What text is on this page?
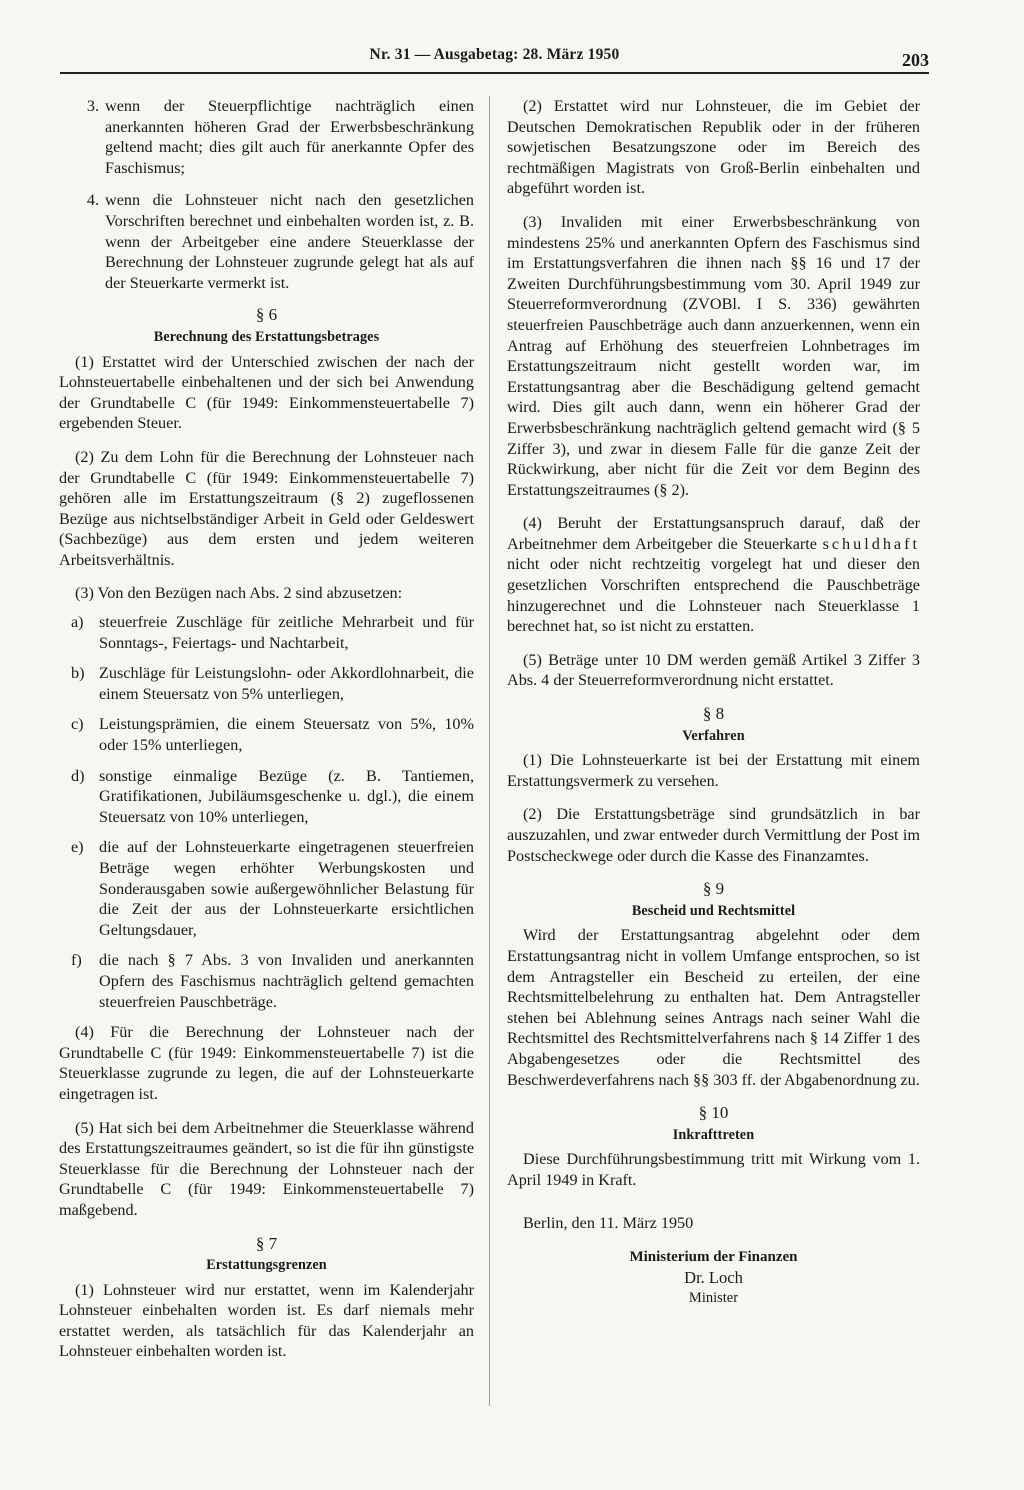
Nr. 31 — Ausgabetag: 28. März 1950	203
3. wenn der Steuerpflichtige nachträglich einen anerkannten höheren Grad der Erwerbsbeschränkung geltend macht; dies gilt auch für anerkannte Opfer des Faschismus;
4. wenn die Lohnsteuer nicht nach den gesetzlichen Vorschriften berechnet und einbehalten worden ist, z. B. wenn der Arbeitgeber eine andere Steuerklasse der Berechnung der Lohnsteuer zugrunde gelegt hat als auf der Steuerkarte vermerkt ist.
§ 6
Berechnung des Erstattungsbetrages

(1) Erstattet wird der Unterschied zwischen der nach der Lohnsteuertabelle einbehaltenen und der sich bei Anwendung der Grundtabelle C (für 1949: Einkommensteuertabelle 7) ergebenden Steuer.

(2) Zu dem Lohn für die Berechnung der Lohnsteuer nach der Grundtabelle C (für 1949: Einkommensteuertabelle 7) gehören alle im Erstattungszeitraum (§ 2) zugeflossenen Bezüge aus nichtselbständiger Arbeit in Geld oder Geldeswert (Sachbezüge) aus dem ersten und jedem weiteren Arbeitsverhältnis.

(3) Von den Bezügen nach Abs. 2 sind abzusetzen:

a) steuerfreie Zuschläge für zeitliche Mehrarbeit und für Sonntags-, Feiertags- und Nachtarbeit,
b) Zuschläge für Leistungslohn- oder Akkordlohnarbeit, die einem Steuersatz von 5% unterliegen,
c) Leistungsprämien, die einem Steuersatz von 5%, 10% oder 15% unterliegen,
d) sonstige einmalige Bezüge (z. B. Tantiemen, Gratifikationen, Jubiläumsgeschenke u. dgl.), die einem Steuersatz von 10% unterliegen,
e) die auf der Lohnsteuerkarte eingetragenen steuerfreien Beträge wegen erhöhter Werbungskosten und Sonderausgaben sowie außergewöhnlicher Belastung für die Zeit der aus der Lohnsteuerkarte ersichtlichen Geltungsdauer,
f)	die nach § 7 Abs. 3 von Invaliden und anerkannten Opfern des Faschismus nachträglich geltend gemachten steuerfreien Pauschbeträge.

(4) Für die Berechnung der Lohnsteuer nach der Grundtabelle C (für 1949: Einkommensteuertabelle 7) ist die Steuerklasse zugrunde zu legen, die auf der Lohnsteuerkarte eingetragen ist.

(5) Hat sich bei dem Arbeitnehmer die Steuerklasse während des Erstattungszeitraumes geändert, so ist die für ihn günstigste Steuerklasse für die Berechnung der Lohnsteuer nach der Grundtabelle C (für 1949: Einkommensteuertabelle 7) maßgebend.

§ 7
Erstattungsgrenzen

(1) Lohnsteuer wird nur erstattet, wenn im Kalenderjahr Lohnsteuer einbehalten worden ist. Es darf niemals mehr erstattet werden, als tatsächlich für das Kalenderjahr an Lohnsteuer einbehalten worden ist.

(2) Erstattet wird nur Lohnsteuer, die im Gebiet der Deutschen Demokratischen Republik oder in der früheren sowjetischen Besatzungszone oder im Bereich des rechtmäßigen Magistrats von Groß-Berlin einbehalten und abgeführt worden ist.

(3) Invaliden mit einer Erwerbsbeschränkung von mindestens 25% und anerkannten Opfern des Faschismus sind im Erstattungsverfahren die ihnen nach §§ 16 und 17 der Zweiten Durchführungsbestimmung vom 30. April 1949 zur Steuerreformverordnung (ZVOBl. I S. 336) gewährten steuerfreien Pauschbeträge auch dann anzuerkennen, wenn ein Antrag auf Erhöhung des steuerfreien Lohnbetrages im Erstattungszeitraum nicht gestellt worden war, im Erstattungsantrag aber die Beschädigung geltend gemacht wird. Dies gilt auch dann, wenn ein höherer Grad der Erwerbsbeschränkung nachträglich geltend gemacht wird (§ 5 Ziffer 3), und zwar in diesem Falle für die ganze Zeit der Rückwirkung, aber nicht für die Zeit vor dem Beginn des Erstattungszeitraumes (§ 2).

(4) Beruht der Erstattungsanspruch darauf, daß der Arbeitnehmer dem Arbeitgeber die Steuerkarte schuldhaft nicht oder nicht rechtzeitig vorgelegt hat und dieser den gesetzlichen Vorschriften entsprechend die Pauschbeträge hinzugerechnet und die Lohnsteuer nach Steuerklasse 1 berechnet hat, so ist nicht zu erstatten.

(5) Beträge unter 10 DM werden gemäß Artikel 3 Ziffer 3 Abs. 4 der Steuerreformverordnung nicht erstattet.

§ 8
Verfahren

(1) Die Lohnsteuerkarte ist bei der Erstattung mit einem Erstattungsvermerk zu versehen.

(2) Die Erstattungsbeträge sind grundsätzlich in bar auszuzahlen, und zwar entweder durch Vermittlung der Post im Postscheckwege oder durch die Kasse des Finanzamtes.

§ 9
Bescheid und Rechtsmittel

Wird der Erstattungsantrag abgelehnt oder dem Erstattungsantrag nicht in vollem Umfange entsprochen, so ist dem Antragsteller ein Bescheid zu erteilen, der eine Rechtsmittelbelehrung zu enthalten hat. Dem Antragsteller stehen bei Ablehnung seines Antrags nach seiner Wahl die Rechtsmittel des Rechtsmittelverfahrens nach § 14 Ziffer 1 des Abgabengesetzes oder die Rechtsmittel des Beschwerdeverfahrens nach §§ 303 ff. der Abgabenordnung zu.

§ 10
Inkrafttreten

Diese Durchführungsbestimmung tritt mit Wirkung vom 1. April 1949 in Kraft.

Berlin, den 11. März 1950

Ministerium der Finanzen
Dr. Loch
Minister
